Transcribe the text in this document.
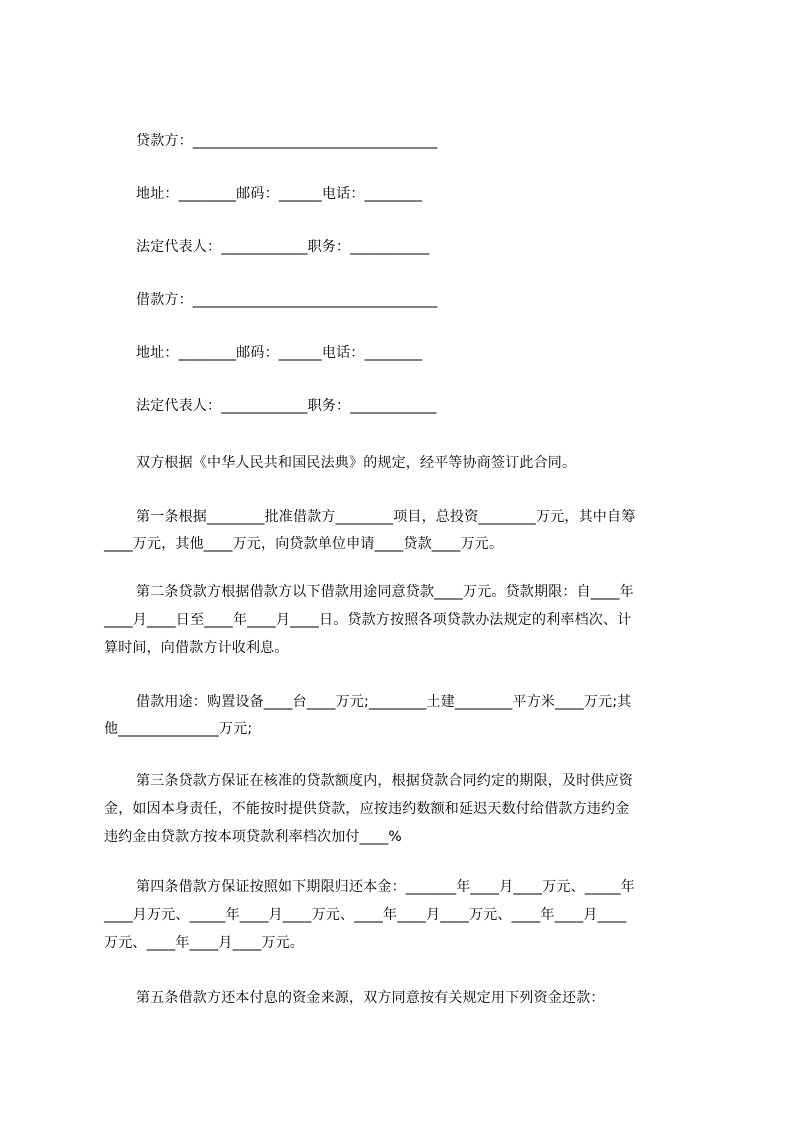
贷款方：__________________________________
地址：________邮码：______电话：________
法定代表人：____________职务：___________
借款方：__________________________________
地址：________邮码：______电话：________
法定代表人：____________职务：____________
双方根据《中华人民共和国民法典》的规定，经平等协商签订此合同。
第一条根据________批准借款方________项目，总投资________万元，其中自筹
____万元，其他____万元，向贷款单位申请____贷款____万元。
第二条贷款方根据借款方以下借款用途同意贷款____万元。贷款期限：自____年
____月____日至____年____月____日。贷款方按照各项贷款办法规定的利率档次、计
算时间，向借款方计收利息。
借款用途：购置设备____台____万元;________土建________平方米____万元;其
他______________万元;
第三条贷款方保证在核准的贷款额度内，根据贷款合同约定的期限，及时供应资
金，如因本身责任，不能按时提供贷款，应按违约数额和延迟天数付给借款方违约金
违约金由贷款方按本项贷款利率档次加付____%
第四条借款方保证按照如下期限归还本金：_______年____月____万元、_____年
____月万元、_____年____月____万元、____年____月____万元、____年____月____
万元、____年____月____万元。
第五条借款方还本付息的资金来源，双方同意按有关规定用下列资金还款：
